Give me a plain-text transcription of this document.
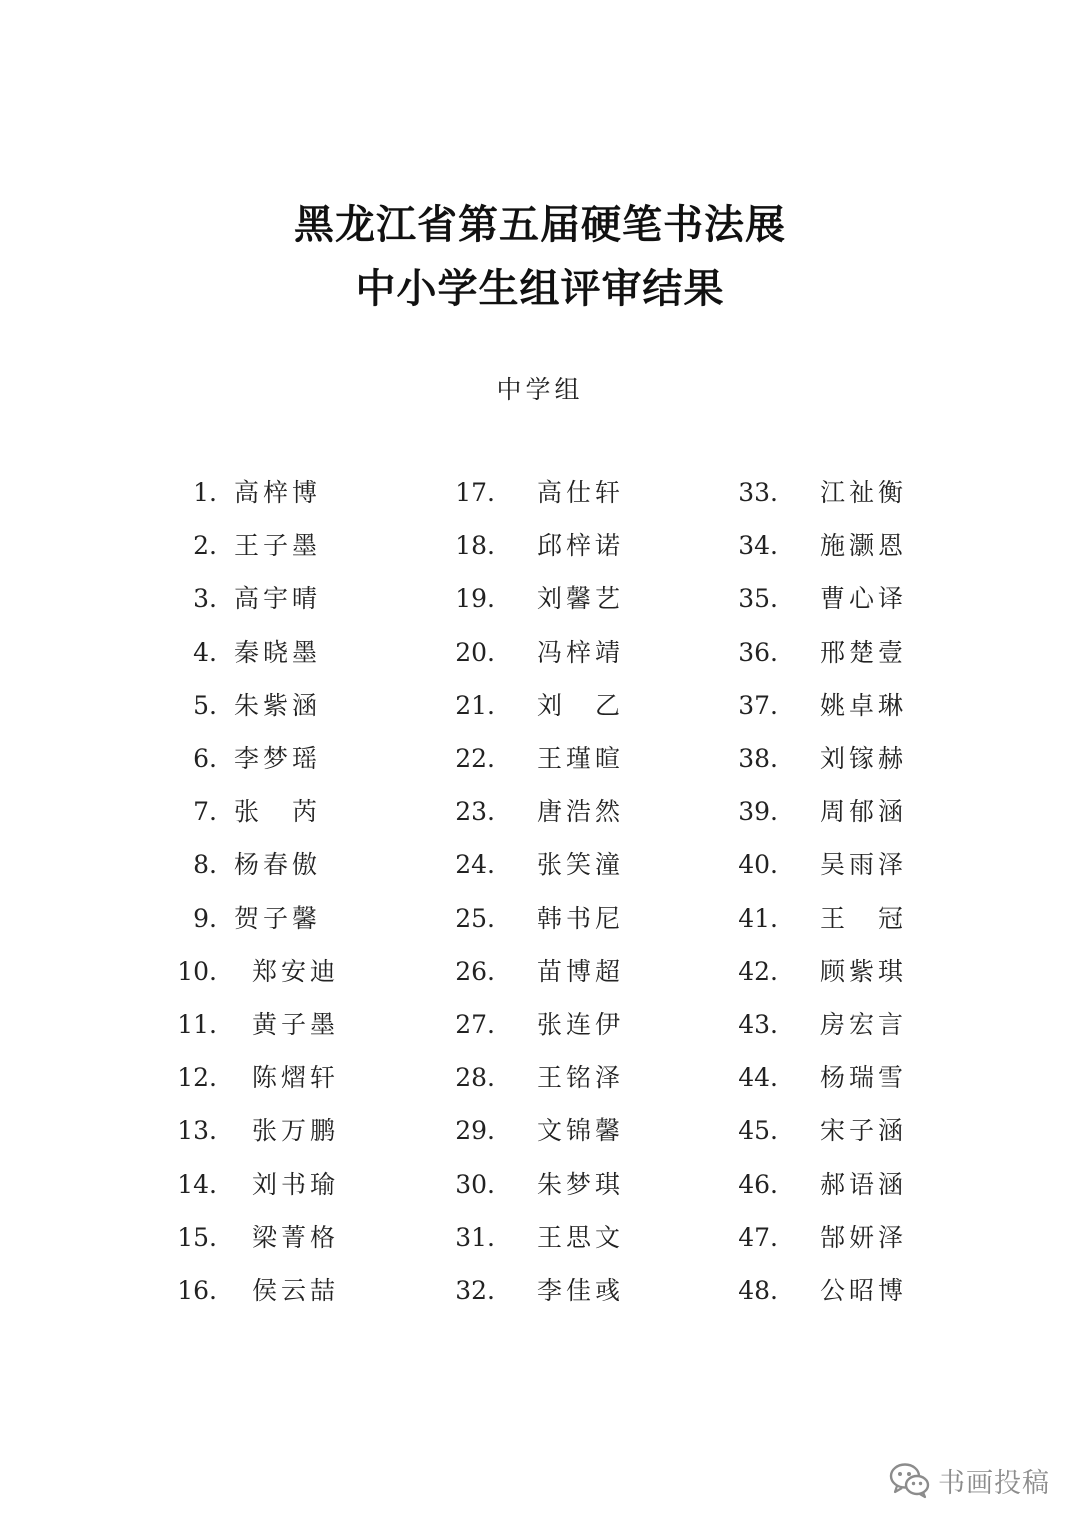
黑龙江省第五届硬笔书法展
中小学生组评审结果
中学组
1. 高梓博
2. 王子墨
3. 高宇晴
4. 秦晓墨
5. 朱紫涵
6. 李梦瑶
7. 张　芮
8. 杨春傲
9. 贺子馨
10. 郑安迪
11. 黄子墨
12. 陈熠轩
13. 张万鹏
14. 刘书瑜
15. 梁菁格
16. 侯云喆
17. 高仕轩
18. 邱梓诺
19. 刘馨艺
20. 冯梓靖
21. 刘　乙
22. 王瑾暄
23. 唐浩然
24. 张笑潼
25. 韩书尼
26. 苗博超
27. 张连伊
28. 王铭泽
29. 文锦馨
30. 朱梦琪
31. 王思文
32. 李佳彧
33. 江祉衡
34. 施灏恩
35. 曹心译
36. 邢楚壹
37. 姚卓琳
38. 刘镓赫
39. 周郁涵
40. 吴雨泽
41. 王　冠
42. 顾紫琪
43. 房宏言
44. 杨瑞雪
45. 宋子涵
46. 郝语涵
47. 郜妍泽
48. 公昭博
书画投稿
